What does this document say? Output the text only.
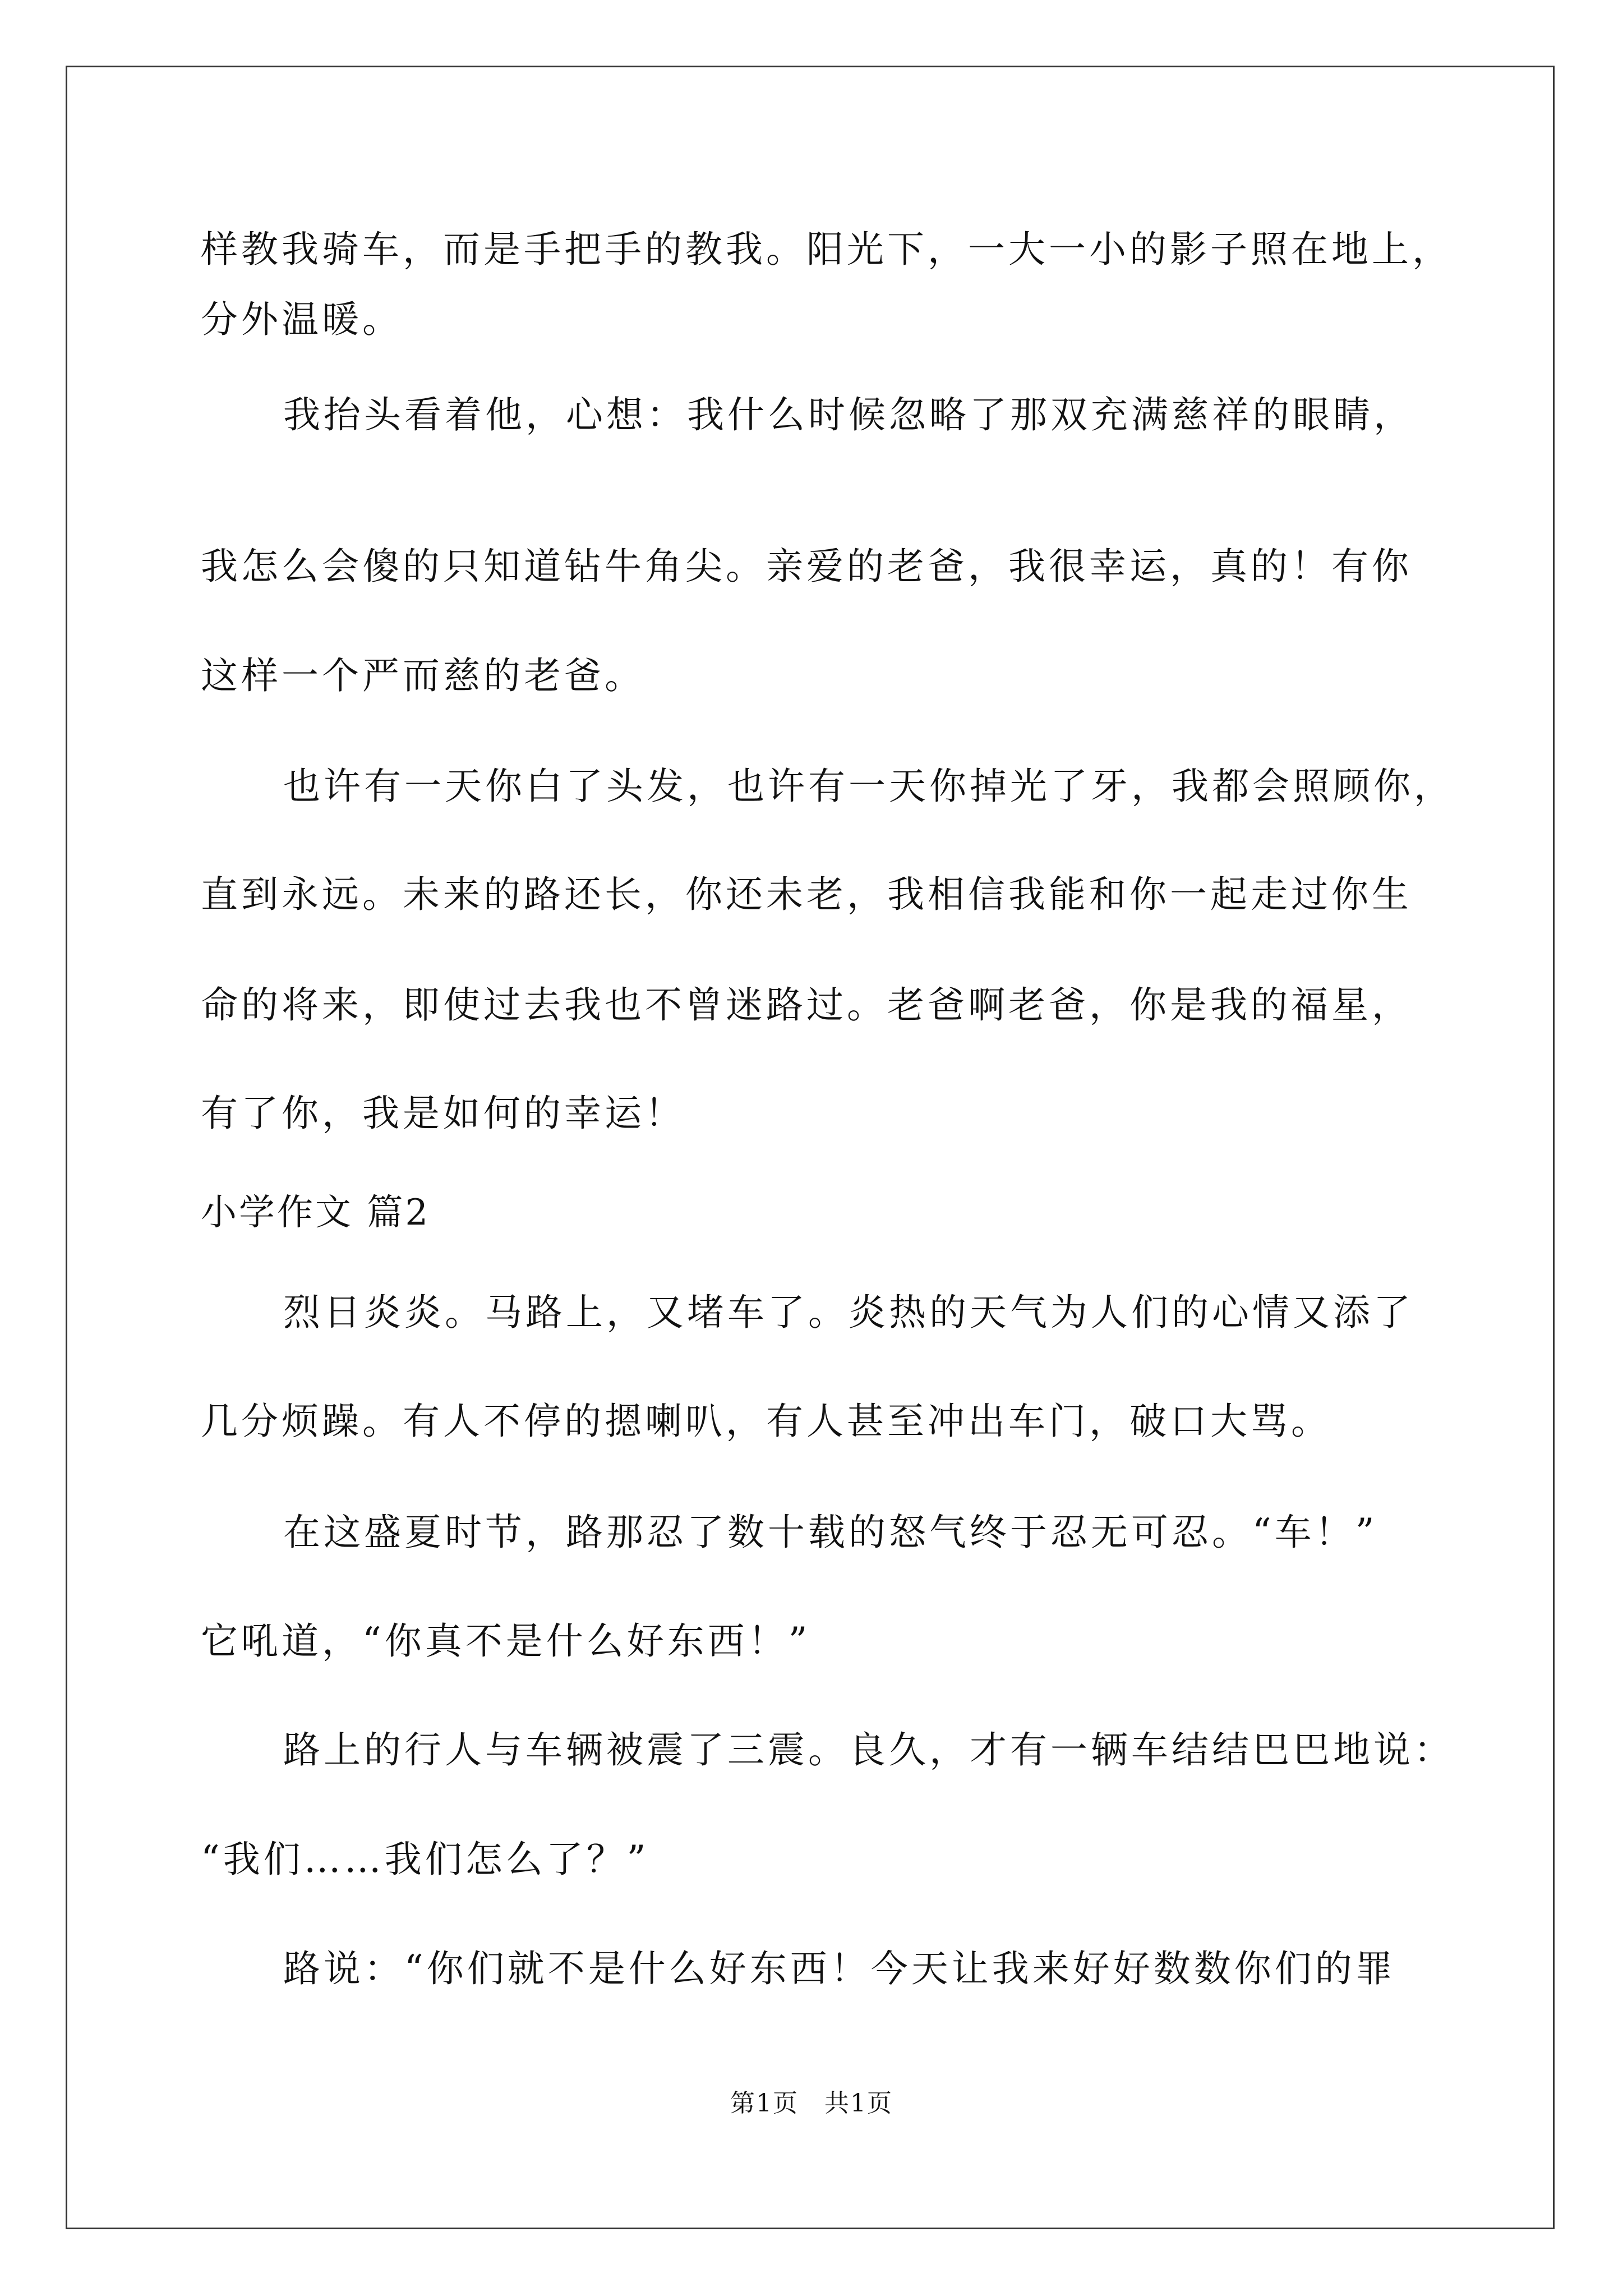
样教我骑车，而是手把手的教我。阳光下，一大一小的影子照在地上，
分外温暖。
我抬头看着他，心想：我什么时候忽略了那双充满慈祥的眼睛，
我怎么会傻的只知道钻牛角尖。亲爱的老爸，我很幸运，真的！有你
这样一个严而慈的老爸。
也许有一天你白了头发，也许有一天你掉光了牙，我都会照顾你，
直到永远。未来的路还长，你还未老，我相信我能和你一起走过你生
命的将来，即使过去我也不曾迷路过。老爸啊老爸，你是我的福星，
有了你，我是如何的幸运！
小学作文 篇2
烈日炎炎。马路上，又堵车了。炎热的天气为人们的心情又添了
几分烦躁。有人不停的摁喇叭，有人甚至冲出车门，破口大骂。
在这盛夏时节，路那忍了数十载的怒气终于忍无可忍。“车！”
它吼道，“你真不是什么好东西！”
路上的行人与车辆被震了三震。良久，才有一辆车结结巴巴地说：
“我们……我们怎么了？”
路说：“你们就不是什么好东西！今天让我来好好数数你们的罪
第1页　共1页
